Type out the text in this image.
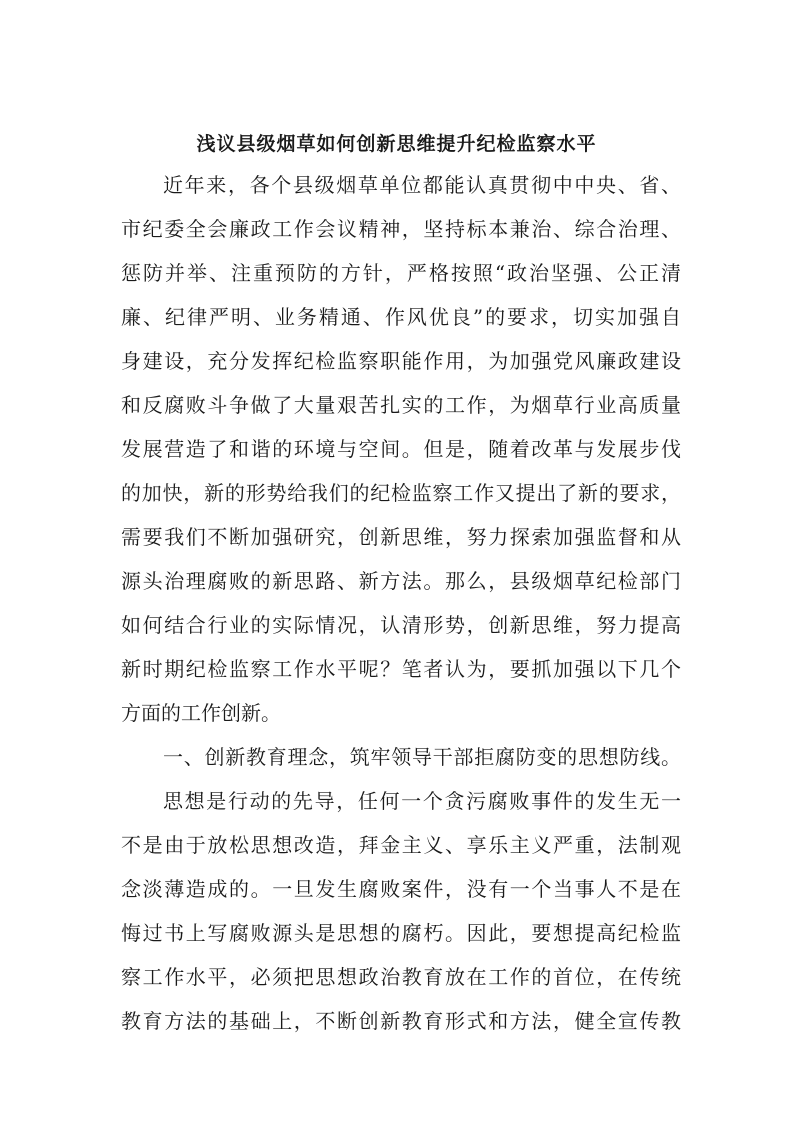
浅议县级烟草如何创新思维提升纪检监察水平
近年来，各个县级烟草单位都能认真贯彻中中央、省、
市纪委全会廉政工作会议精神，坚持标本兼治、综合治理、
惩防并举、注重预防的方针，严格按照“政治坚强、公正清
廉、纪律严明、业务精通、作风优良”的要求，切实加强自
身建设，充分发挥纪检监察职能作用，为加强党风廉政建设
和反腐败斗争做了大量艰苦扎实的工作，为烟草行业高质量
发展营造了和谐的环境与空间。但是，随着改革与发展步伐
的加快，新的形势给我们的纪检监察工作又提出了新的要求，
需要我们不断加强研究，创新思维，努力探索加强监督和从
源头治理腐败的新思路、新方法。那么，县级烟草纪检部门
如何结合行业的实际情况，认清形势，创新思维，努力提高
新时期纪检监察工作水平呢？笔者认为，要抓加强以下几个
方面的工作创新。
一、创新教育理念，筑牢领导干部拒腐防变的思想防线。
思想是行动的先导，任何一个贪污腐败事件的发生无一
不是由于放松思想改造，拜金主义、享乐主义严重，法制观
念淡薄造成的。一旦发生腐败案件，没有一个当事人不是在
悔过书上写腐败源头是思想的腐朽。因此，要想提高纪检监
察工作水平，必须把思想政治教育放在工作的首位，在传统
教育方法的基础上，不断创新教育形式和方法，健全宣传教
